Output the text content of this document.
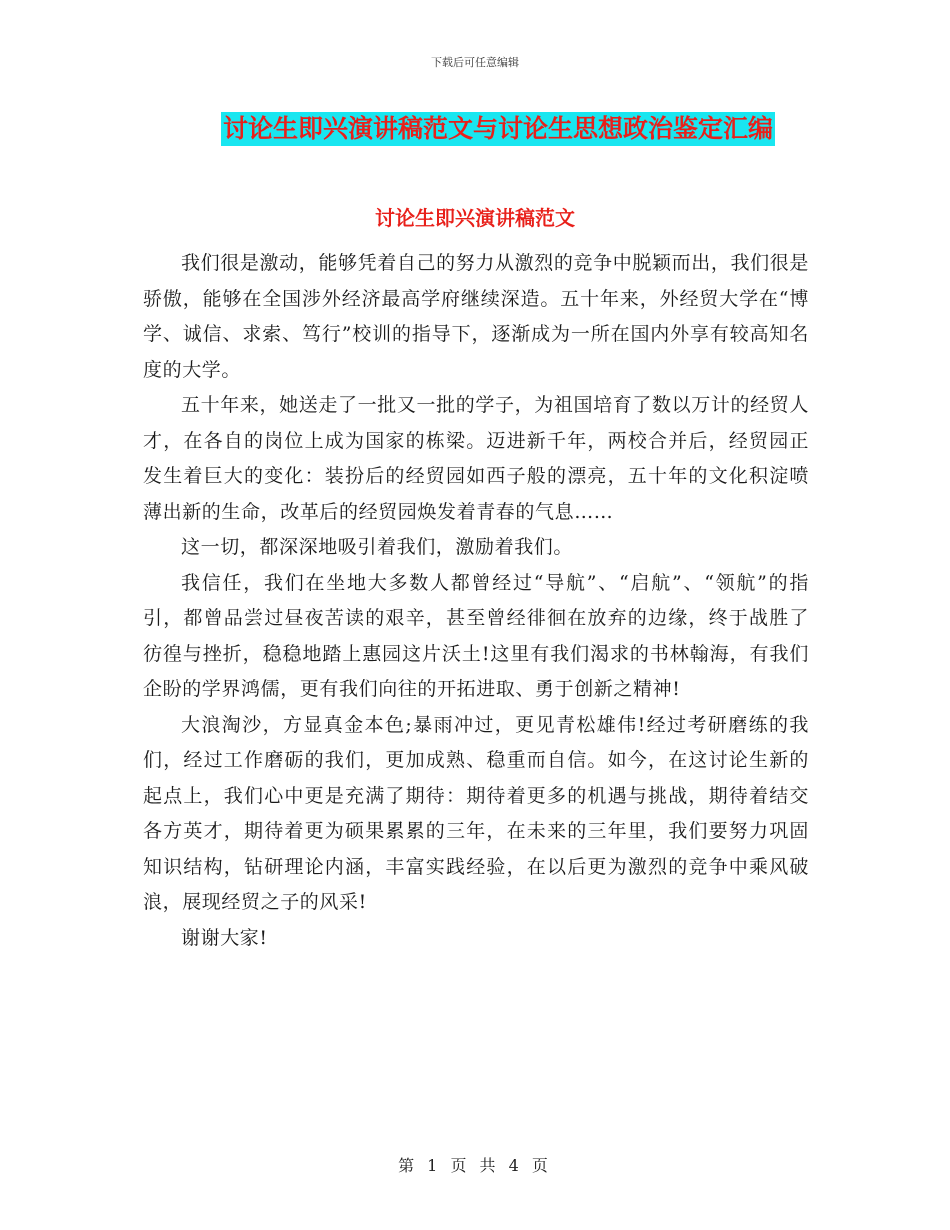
下载后可任意编辑
讨论生即兴演讲稿范文与讨论生思想政治鉴定汇编
讨论生即兴演讲稿范文

我们很是激动，能够凭着自己的努力从激烈的竞争中脱颖而出，我们很是骄傲，能够在全国涉外经济最高学府继续深造。五十年来，外经贸大学在“博学、诚信、求索、笃行”校训的指导下，逐渐成为一所在国内外享有较高知名度的大学。

五十年来，她送走了一批又一批的学子，为祖国培育了数以万计的经贸人才，在各自的岗位上成为国家的栋梁。迈进新千年，两校合并后，经贸园正发生着巨大的变化：装扮后的经贸园如西子般的漂亮，五十年的文化积淀喷薄出新的生命，改革后的经贸园焕发着青春的气息……

这一切，都深深地吸引着我们，激励着我们。

我信任，我们在坐地大多数人都曾经过“导航”、“启航”、“领航”的指引，都曾品尝过昼夜苦读的艰辛，甚至曾经徘徊在放弃的边缘，终于战胜了彷徨与挫折，稳稳地踏上惠园这片沃土!这里有我们渴求的书林翰海，有我们企盼的学界鸿儒，更有我们向往的开拓进取、勇于创新之精神!

大浪淘沙，方显真金本色;暴雨冲过，更见青松雄伟!经过考研磨练的我们，经过工作磨砺的我们，更加成熟、稳重而自信。如今，在这讨论生新的起点上，我们心中更是充满了期待：期待着更多的机遇与挑战，期待着结交各方英才，期待着更为硕果累累的三年，在未来的三年里，我们要努力巩固知识结构，钻研理论内涵，丰富实践经验，在以后更为激烈的竞争中乘风破浪，展现经贸之子的风采!

谢谢大家!

第 1 页 共 4 页
